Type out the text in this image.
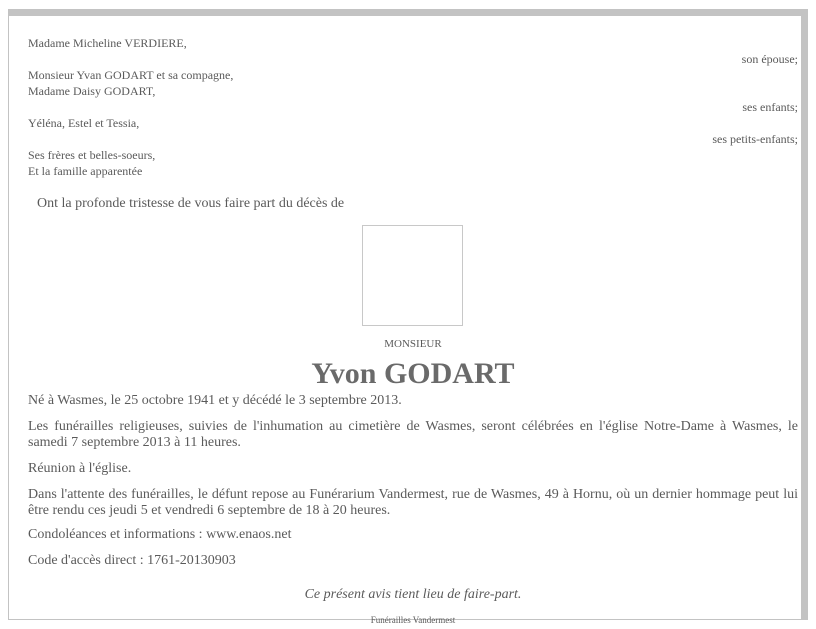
Madame Micheline VERDIERE,
son épouse;
Monsieur Yvan GODART et sa compagne,
Madame Daisy GODART,
ses enfants;
Yéléna, Estel et Tessia,
ses petits-enfants;
Ses frères et belles-soeurs,
Et la famille apparentée
Ont la profonde tristesse de vous faire part du décès de
MONSIEUR
Yvon GODART
Né à Wasmes, le 25 octobre 1941 et y décédé le 3 septembre 2013.
Les funérailles religieuses, suivies de l'inhumation au cimetière de Wasmes, seront célébrées en l'église Notre-Dame à Wasmes, le samedi 7 septembre 2013 à 11 heures.
Réunion à l'église.
Dans l'attente des funérailles, le défunt repose au Funérarium Vandermest, rue de Wasmes, 49 à Hornu, où un dernier hommage peut lui être rendu ces jeudi 5 et vendredi 6 septembre de 18 à 20 heures.
Condoléances et informations : www.enaos.net
Code d'accès direct : 1761-20130903
Ce présent avis tient lieu de faire-part.
Funérailles Vandermest
